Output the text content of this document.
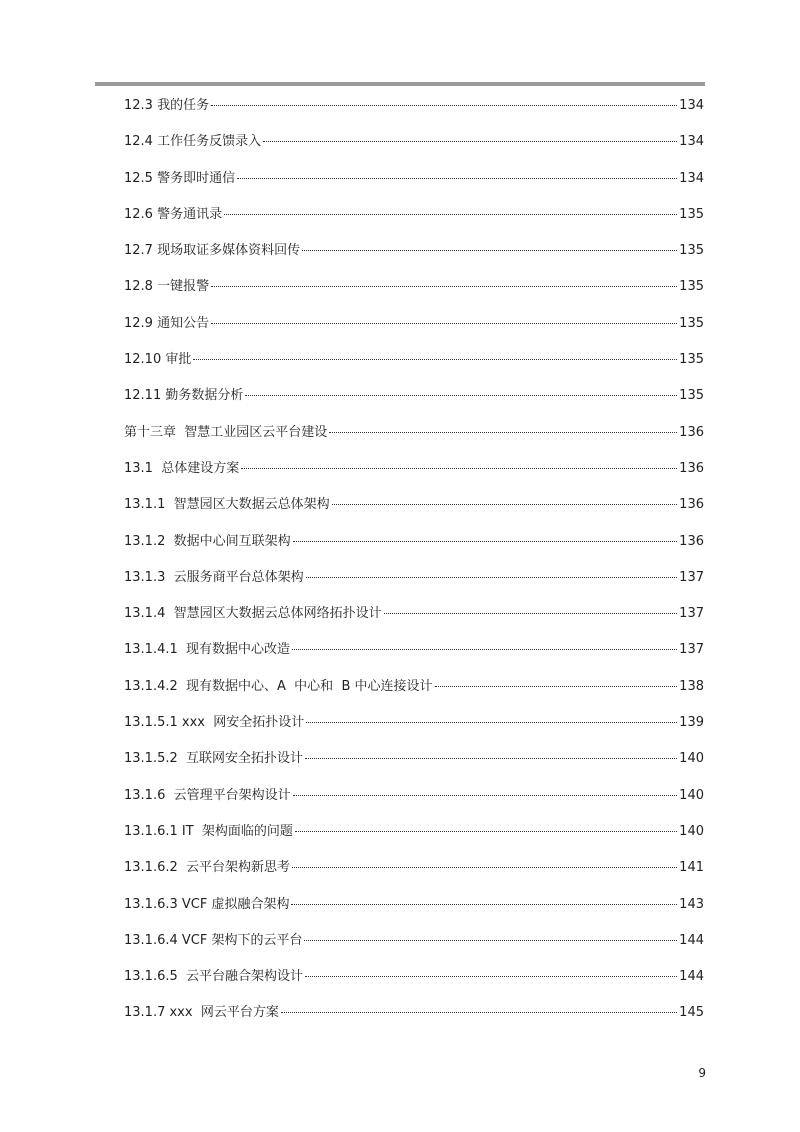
12.3 我的任务	134
12.4 工作任务反馈录入	134
12.5 警务即时通信	134
12.6 警务通讯录	135
12.7 现场取证多媒体资料回传	135
12.8 一键报警	135
12.9 通知公告	135
12.10 审批	135
12.11 勤务数据分析	135
第十三章  智慧工业园区云平台建设	136
13.1  总体建设方案	136
13.1.1  智慧园区大数据云总体架构	136
13.1.2  数据中心间互联架构	136
13.1.3  云服务商平台总体架构	137
13.1.4  智慧园区大数据云总体网络拓扑设计	137
13.1.4.1  现有数据中心改造	137
13.1.4.2  现有数据中心、A  中心和  B 中心连接设计	138
13.1.5.1 xxx  网安全拓扑设计	139
13.1.5.2  互联网安全拓扑设计	140
13.1.6  云管理平台架构设计	140
13.1.6.1 IT  架构面临的问题	140
13.1.6.2  云平台架构新思考	141
13.1.6.3 VCF 虚拟融合架构	143
13.1.6.4 VCF 架构下的云平台	144
13.1.6.5  云平台融合架构设计	144
13.1.7 xxx  网云平台方案	145
9
